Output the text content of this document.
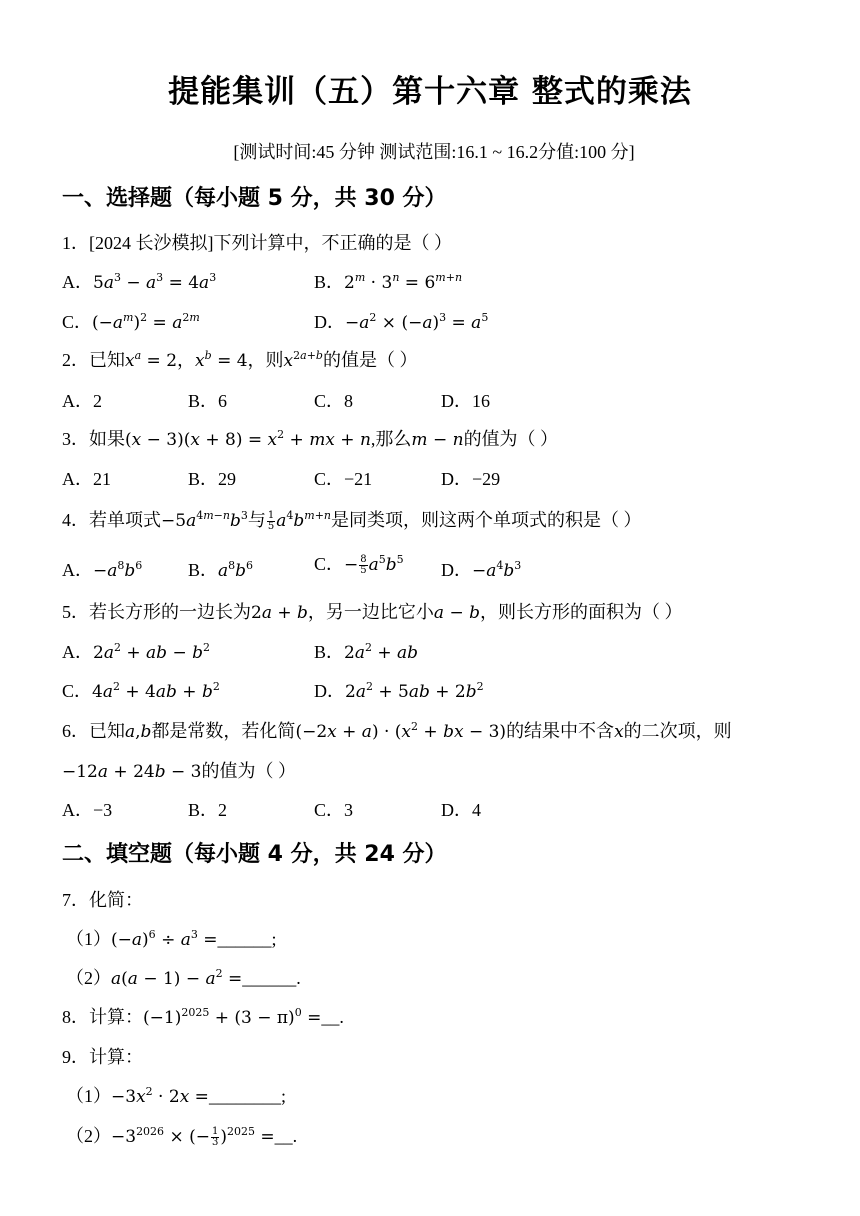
提能集训（五）第十六章 整式的乘法
[测试时间:45 分钟 测试范围:16.1 ~ 16.2分值:100 分]
一、选择题（每小题 5 分，共 30 分）
1．[2024 长沙模拟]下列计算中，不正确的是（ ）
A．$5a^3 - a^3 = 4a^3$	B．$2^m \cdot 3^n = 6^{m+n}$
C．$(-a^m)^2 = a^{2m}$	D．$-a^2 \times (-a)^3 = a^5$
2．已知$x^a = 2$，$x^b = 4$，则$x^{2a+b}$的值是（ ）
A．2	B．6	C．8	D．16
3．如果$(x - 3)(x + 8) = x^2$ + mx + n,那么m − n的值为（ ）
A．21	B．29	C．−21	D．−29
4．若单项式$-5a^{4m-n}b^3$与 $\frac{1}{5} a^4b^{m+n}$是同类项，则这两个单项式的积是（ ）
A．$-a^8b^6$	B．$a^8b^6$	C．− $\frac{8}{5} a^5b^5$
D．$-a^4b^3$
5．若长方形的一边长为2a + b，另一边比它小a − b，则长方形的面积为（ ）
A．$2a^2$ + ab − $b^2$	B．$2a^2$ + ab
C．$4a^2 + 4ab + b^2$	D．$2a^2 + 5ab + 2b^2$
6．已知a,b都是常数，若化简$(-2x + a) \cdot (x^2$ + bx − 3)的结果中不含x的二次项，则
−12a + 24b − 3的值为（ ）
A．−3	B．2	C．3	D．4
二、填空题（每小题 4 分，共 24 分）
7．化简：
$(1)(-a)^6 \div a^3$ =______;
$(2)a(a - 1) - a^2$ =______.
8．计算：$(-1)^{2025} + (3 - \pi)^0$ =__.
9．计算：
$(1)-3x^2 \cdot 2x$ =________;
$(2)-3^{2026}$ × (− $\frac{1}{3} )^{2025}$ =__.
